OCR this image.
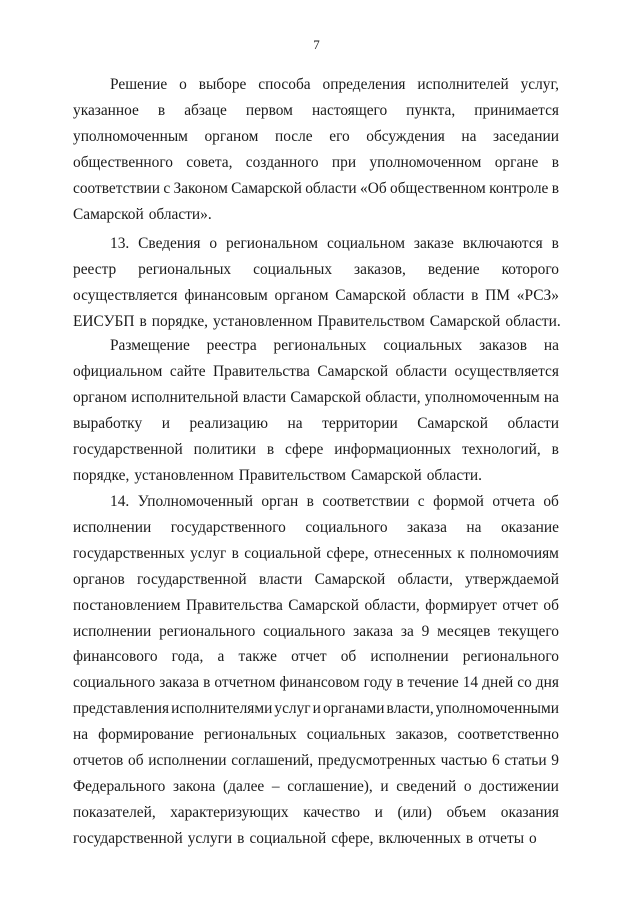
7
Решение о выборе способа определения исполнителей услуг,
указанное в абзаце первом настоящего пункта, принимается
уполномоченным органом после его обсуждения на заседании
общественного совета, созданного при уполномоченном органе в
соответствии с Законом Самарской области «Об общественном контроле в
Самарской области».
13. Сведения о региональном социальном заказе включаются в
реестр региональных социальных заказов, ведение которого
осуществляется финансовым органом Самарской области в ПМ «РСЗ»
ЕИСУБП в порядке, установленном Правительством Самарской области.
Размещение реестра региональных социальных заказов на
официальном сайте Правительства Самарской области осуществляется
органом исполнительной власти Самарской области, уполномоченным на
выработку и реализацию на территории Самарской области
государственной политики в сфере информационных технологий, в
порядке, установленном Правительством Самарской области.
14. Уполномоченный орган в соответствии с формой отчета об
исполнении государственного социального заказа на оказание
государственных услуг в социальной сфере, отнесенных к полномочиям
органов государственной власти Самарской области, утверждаемой
постановлением Правительства Самарской области, формирует отчет об
исполнении регионального социального заказа за 9 месяцев текущего
финансового года, а также отчет об исполнении регионального
социального заказа в отчетном финансовом году в течение 14 дней со дня
представления исполнителями услуг и органами власти, уполномоченными
на формирование региональных социальных заказов, соответственно
отчетов об исполнении соглашений, предусмотренных частью 6 статьи 9
Федерального закона (далее – соглашение), и сведений о достижении
показателей, характеризующих качество и (или) объем оказания
государственной услуги в социальной сфере, включенных в отчеты о
